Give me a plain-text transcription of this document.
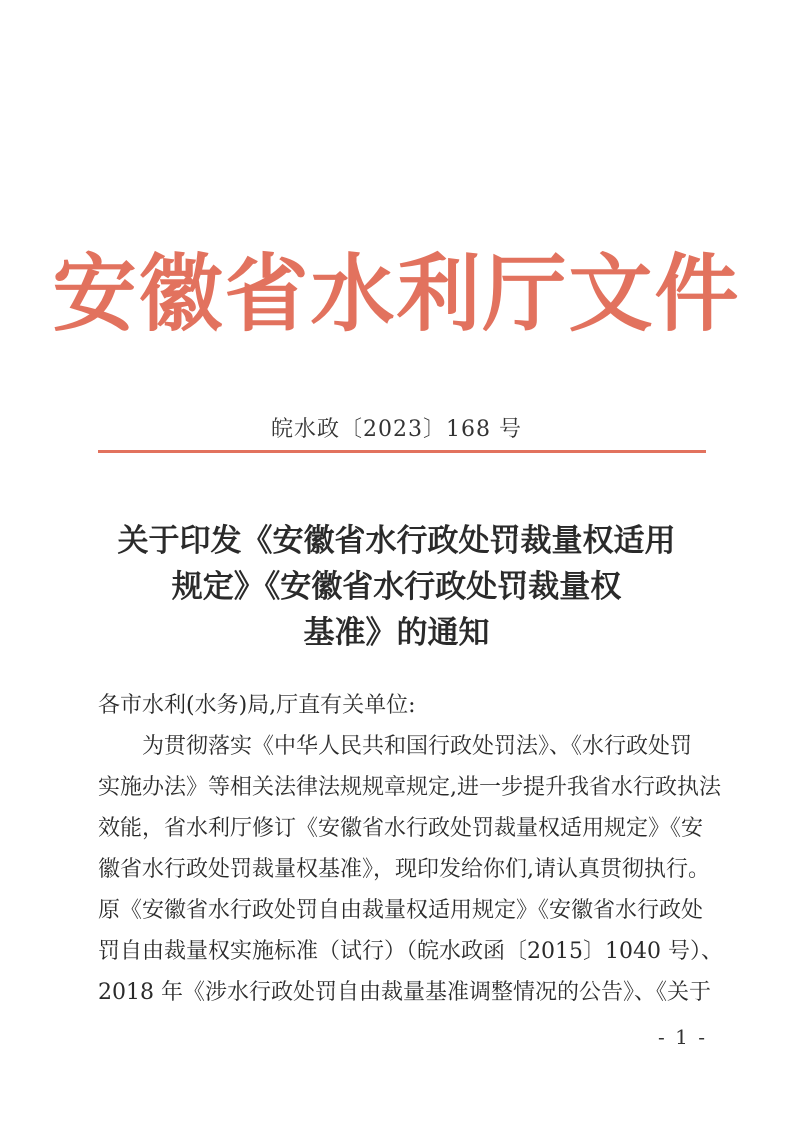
安徽省水利厅文件
皖水政〔2023〕168 号
关于印发《安徽省水行政处罚裁量权适用
规定》《安徽省水行政处罚裁量权
基准》的通知
各市水利(水务)局,厅直有关单位:
为贯彻落实《中华人民共和国行政处罚法》、《水行政处罚
实施办法》等相关法律法规规章规定,进一步提升我省水行政执法
效能，省水利厅修订《安徽省水行政处罚裁量权适用规定》《安
徽省水行政处罚裁量权基准》，现印发给你们,请认真贯彻执行。
原《安徽省水行政处罚自由裁量权适用规定》《安徽省水行政处
罚自由裁量权实施标准（试行）（皖水政函〔2015〕1040 号）、
2018 年《涉水行政处罚自由裁量基准调整情况的公告》、《关于
- 1 -
